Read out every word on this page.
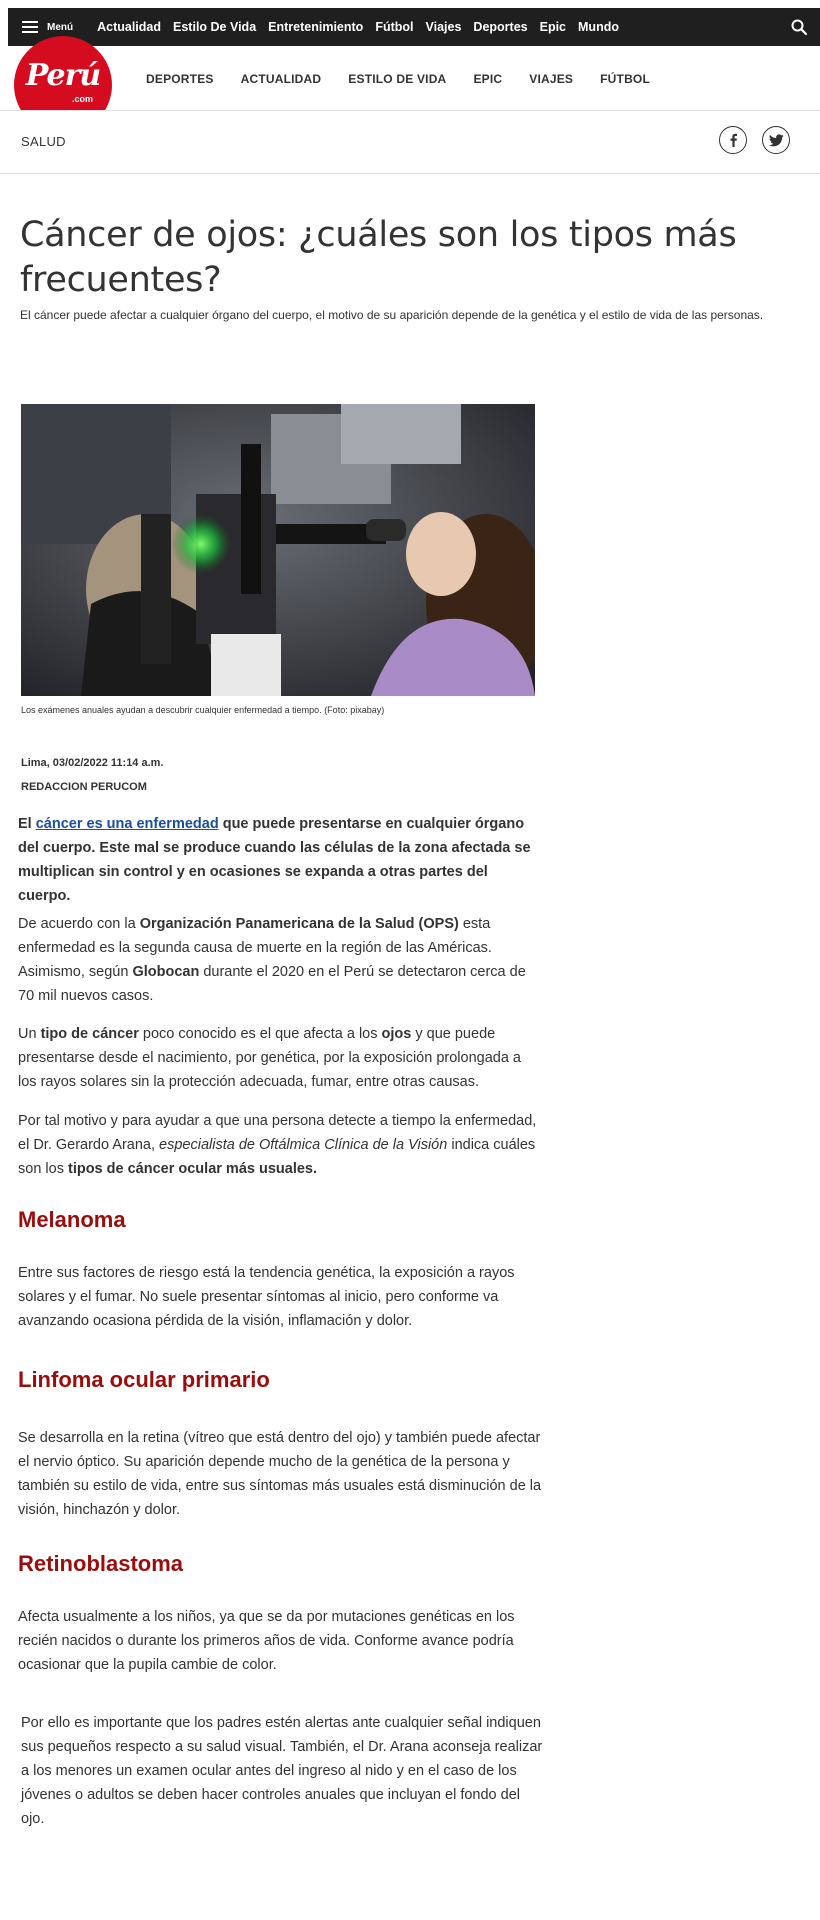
Menú Actualidad Estilo De Vida Entretenimiento Fútbol Viajes Deportes Epic Mundo
Perú
.com
DEPORTES ACTUALIDAD ESTILO DE VIDA EPIC VIAJES FÚTBOL
SALUD
Cáncer de ojos: ¿cuáles son los tipos más frecuentes?

El cáncer puede afectar a cualquier órgano del cuerpo, el motivo de su aparición depende de la genética y el estilo de vida de las personas.

Los exámenes anuales ayudan a descubrir cualquier enfermedad a tiempo. (Foto: pixabay)
Lima, 03/02/2022 11:14 a.m.
REDACCION PERUCOM

El cáncer es una enfermedad que puede presentarse en cualquier órgano del cuerpo. Este mal se produce cuando las células de la zona afectada se multiplican sin control y en ocasiones se expanda a otras partes del cuerpo.

De acuerdo con la Organización Panamericana de la Salud (OPS) esta enfermedad es la segunda causa de muerte en la región de las Américas. Asimismo, según Globocan durante el 2020 en el Perú se detectaron cerca de 70 mil nuevos casos.

Un tipo de cáncer poco conocido es el que afecta a los ojos y que puede presentarse desde el nacimiento, por genética, por la exposición prolongada a los rayos solares sin la protección adecuada, fumar, entre otras causas.

Por tal motivo y para ayudar a que una persona detecte a tiempo la enfermedad, el Dr. Gerardo Arana, especialista de Oftálmica Clínica de la Visión indica cuáles son los tipos de cáncer ocular más usuales.

Melanoma

Entre sus factores de riesgo está la tendencia genética, la exposición a rayos solares y el fumar. No suele presentar síntomas al inicio, pero conforme va avanzando ocasiona pérdida de la visión, inflamación y dolor.

Linfoma ocular primario

Se desarrolla en la retina (vítreo que está dentro del ojo) y también puede afectar el nervio óptico. Su aparición depende mucho de la genética de la persona y también su estilo de vida, entre sus síntomas más usuales está disminución de la visión, hinchazón y dolor.

Retinoblastoma

Afecta usualmente a los niños, ya que se da por mutaciones genéticas en los recién nacidos o durante los primeros años de vida. Conforme avance podría ocasionar que la pupila cambie de color.

Por ello es importante que los padres estén alertas ante cualquier señal indiquen sus pequeños respecto a su salud visual. También, el Dr. Arana aconseja realizar a los menores un examen ocular antes del ingreso al nido y en el caso de los jóvenes o adultos se deben hacer controles anuales que incluyan el fondo del ojo.
